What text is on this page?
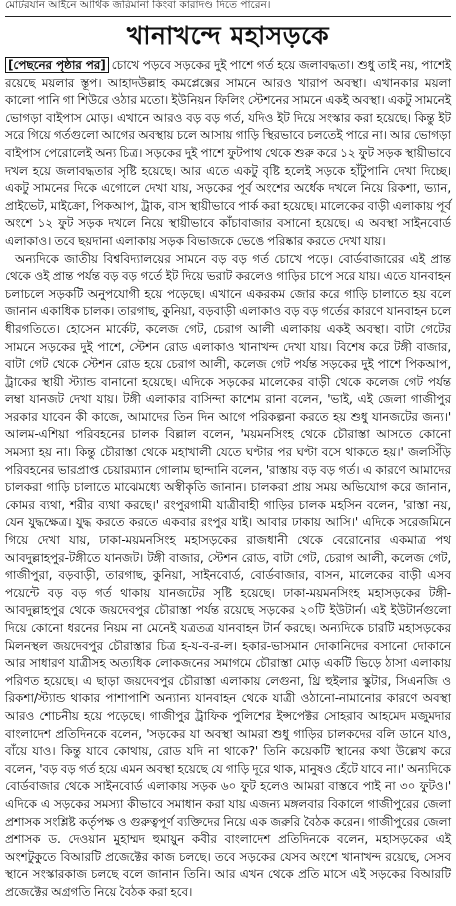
মোটরযান আইনে আর্থিক জরিমানা কিংবা কারাদণ্ড দিতে পারেন।
খানাখন্দে মহাসড়কে

[পেছনের পৃষ্ঠার পর] চোখে পড়বে সড়কের দুই পাশে গর্ত হয়ে জলাবদ্ধতা। শুধু তাই নয়, পাশেই রয়েছে ময়লার স্তূপ। আহাদউল্লাহ কমপ্লেক্সের সামনে আরও খারাপ অবস্থা। এখানকার ময়লা কালো পানি গা শিউরে ওঠার মতো। ইউনিয়ন ফিলিং স্টেশনের সামনে একই অবস্থা। একটু সামনেই ভোগড়া বাইপাস মোড়। এখানে আরও বড় বড় গর্ত, যদিও ইট দিয়ে সংস্কার করা হয়েছে। কিন্তু ইট সরে গিয়ে গর্তগুলো আগের অবস্থায় চলে আসায় গাড়ি স্থিরভাবে চলতেই পারে না। আর ভোগড়া বাইপাস পেরোলেই অন্য চিত্র। সড়কের দুই পাশে ফুটপাথ থেকে শুরু করে ১২ ফুট সড়ক স্থায়ীভাবে দখল হয়ে জলাবদ্ধতার সৃষ্টি হয়েছে। আর এতে একটু বৃষ্টি হলেই সড়কে হাঁটুপানি দেখা দিচ্ছে। একটু সামনের দিকে এগোলে দেখা যায়, সড়কের পূর্ব অংশের অর্ধেক দখলে নিয়ে রিকশা, ভ্যান, প্রাইভেট, মাইক্রো, পিকআপ, ট্রাক, বাস স্থায়ীভাবে পার্ক করা হয়েছে। মালেকের বাড়ী এলাকায় পূর্ব অংশে ১২ ফুট সড়ক দখলে নিয়ে স্থায়ীভাবে কাঁচাবাজার বসানো হয়েছে। এ অবস্থা সাইনবোর্ড এলাকাও। তবে ছয়দানা এলাকায় সড়ক বিভাজকে ভেঙে পরিষ্কার করতে দেখা যায়।

অন্যদিকে জাতীয় বিশ্ববিদ্যালয়ের সামনে বড় বড় গর্ত চোখে পড়ে। বোর্ডবাজারের এই প্রান্ত থেকে ওই প্রান্ত পর্যন্ত বড় বড় গর্তে ইট দিয়ে ভরাট করলেও গাড়ির চাপে সরে যায়। এতে যানবাহন চলাচলে সড়কটি অনুপযোগী হয়ে পড়েছে। এখানে একরকম জোর করে গাড়ি চালাতে হয় বলে জানান একাধিক চালক। তারগাছ, কুনিয়া, বড়বাড়ী এলাকাও বড় বড় গর্তের কারণে যানবাহন চলে ধীরগতিতে। হোসেন মার্কেট, কলেজ গেট, চেরাগ আলী এলাকায় একই অবস্থা। বাটা গেটের সামনে সড়কের দুই পাশে, স্টেশন রোড এলাকাও খানাখন্দ দেখা যায়। বিশেষ করে টঙ্গী বাজার, বাটা গেট থেকে স্টেশন রোড হয়ে চেরাগ আলী, কলেজ গেট পর্যন্ত সড়কের দুই পাশে পিকআপ, ট্রাকের স্থায়ী স্ট্যান্ড বানানো হয়েছে। এদিকে সড়কের মালেকের বাড়ী থেকে কলেজ গেট পর্যন্ত লম্বা যানজট দেখা যায়। টঙ্গী এলাকার বাসিন্দা কাশেম রানা বলেন, 'ভাই, এই জেলা গাজীপুর সরকার যাবেন কী কাজে, আমাদের তিন দিন আগে পরিকল্পনা করতে হয় শুধু যানজটের জন্য।' আলম-এশিয়া পরিবহনের চালক বিল্লাল বলেন, 'ময়মনসিংহ থেকে চৌরাস্তা আসতে কোনো সমস্যা হয় না। কিন্তু চৌরাস্তা থেকে মহাখালী যেতে ঘণ্টার পর ঘণ্টা বসে থাকতে হয়।' জলসিঁড়ি পরিবহনের ভারপ্রাপ্ত চেয়ারম্যান গোলাম ছান্দানি বলেন, 'রাস্তায় বড় বড় গর্ত। এ কারণে আমাদের চালকরা গাড়ি চালাতে মাঝেমধ্যে অস্বীকৃতি জানান। চালকরা প্রায় সময় অভিযোগ করে জানান, কোমর ব্যথা, শরীর ব্যথা করছে।' রংপুরগামী যাত্রীবাহী গাড়ির চালক মহসিন বলেন, 'রাস্তা নয়, যেন যুদ্ধক্ষেত্র। যুদ্ধ করতে করতে একবার রংপুর যাই। আবার ঢাকায় আসি।' এদিকে সরেজমিনে গিয়ে দেখা যায়, ঢাকা-ময়মনসিংহ মহাসড়কের রাজধানী থেকে বেরোনোর একমাত্র পথ আবদুল্লাহপুর-টঙ্গীতে যানজট। টঙ্গী বাজার, স্টেশন রোড, বাটা গেট, চেরাগ আলী, কলেজ গেট, গাজীপুরা, বড়বাড়ী, তারগাছ, কুনিয়া, সাইনবোর্ড, বোর্ডবাজার, বাসন, মালেকের বাড়ী এসব পয়েন্টে বড় বড় গর্ত থাকায় যানজটের সৃষ্টি হয়েছে। ঢাকা-ময়মনসিংহ মহাসড়কের টঙ্গী-আবদুল্লাহপুর থেকে জয়দেবপুর চৌরাস্তা পর্যন্ত রয়েছে সড়কের ২০টি ইউটার্ন। এই ইউটার্নগুলো দিয়ে কোনো ধরনের নিয়ম না মেনেই যত্রতত্র যানবাহন টার্ন করছে। অন্যদিকে চারটি মহাসড়কের মিলনস্থল জয়দেবপুর চৌরাস্তার চিত্র হ-য-ব-র-ল। হকার-ভাসমান দোকানিদের বসানো দোকানে আর সাধারণ যাত্রীসহ অত্যধিক লোকজনের সমাগমে চৌরাস্তা মোড় একটি ভিড়ে ঠাসা এলাকায় পরিণত হয়েছে। এ ছাড়া জয়দেবপুর চৌরাস্তা এলাকায় লেগুনা, থ্রি হুইলার স্কুটার, সিএনজি ও রিকশা/স্ট্যান্ড থাকার পাশাপাশি অন্যান্য যানবাহন থেকে যাত্রী ওঠানো-নামানোর কারণে অবস্থা আরও শোচনীয় হয়ে পড়েছে। গাজীপুর ট্রাফিক পুলিশের ইন্সপেক্টর সোহরাব আহমেদ মজুমদার বাংলাদেশ প্রতিদিনকে বলেন, 'সড়কের যা অবস্থা আমরা শুধু গাড়ির চালকদের বলি ডানে যাও, বাঁয়ে যাও। কিন্তু যাবে কোথায়, রোড যদি না থাকে?' তিনি কয়েকটি স্থানের কথা উল্লেখ করে বলেন, 'বড় বড় গর্ত হয়ে এমন অবস্থা হয়েছে যে গাড়ি দূরে থাক, মানুষও হেঁটে যাবে না।' অন্যদিকে বোর্ডবাজার থেকে সাইনবোর্ড এলাকায় সড়ক ৬০ ফুট হলেও আমরা বাস্তবে পাই না ৩০ ফুটও।' এদিকে এ সড়কের সমস্যা কীভাবে সমাধান করা যায় এজন্য মঙ্গলবার বিকালে গাজীপুরের জেলা প্রশাসক সংশ্লিষ্ট কর্তৃপক্ষ ও গুরুত্বপূর্ণ ব্যক্তিদের নিয়ে এক জরুরি বৈঠক করেন। গাজীপুরের জেলা প্রশাসক ড. দেওয়ান মুহাম্মদ হুমায়ুন কবীর বাংলাদেশ প্রতিদিনকে বলেন, মহাসড়কের এই অংশটুকুতে বিআরটি প্রজেক্টের কাজ চলছে। তবে সড়কের যেসব অংশে খানাখন্দ রয়েছে, সেসব স্থানে সংস্কারকাজ চলছে বলে জানান তিনি। আর এখন থেকে প্রতি মাসে এই সড়কের বিআরটি প্রজেক্টের অগ্রগতি নিয়ে বৈঠক করা হবে।
